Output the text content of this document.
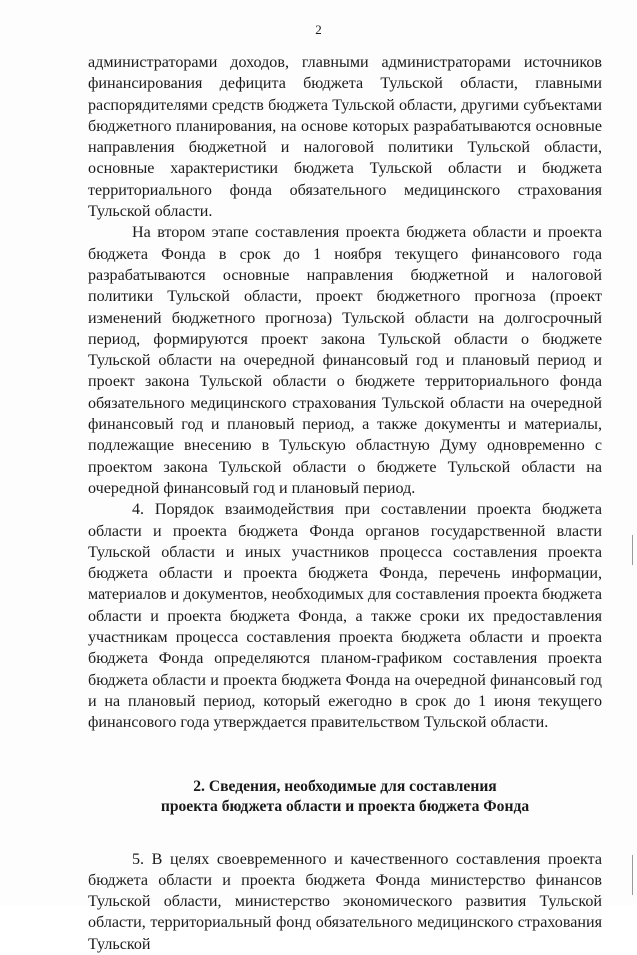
2

администраторами доходов, главными администраторами источников финансирования дефицита бюджета Тульской области, главными распорядителями средств бюджета Тульской области, другими субъектами бюджетного планирования, на основе которых разрабатываются основные направления бюджетной и налоговой политики Тульской области, основные характеристики бюджета Тульской области и бюджета территориального фонда обязательного медицинского страхования Тульской области.

На втором этапе составления проекта бюджета области и проекта бюджета Фонда в срок до 1 ноября текущего финансового года разрабатываются основные направления бюджетной и налоговой политики Тульской области, проект бюджетного прогноза (проект изменений бюджетного прогноза) Тульской области на долгосрочный период, формируются проект закона Тульской области о бюджете Тульской области на очередной финансовый год и плановый период и проект закона Тульской области о бюджете территориального фонда обязательного медицинского страхования Тульской области на очередной финансовый год и плановый период, а также документы и материалы, подлежащие внесению в Тульскую областную Думу одновременно с проектом закона Тульской области о бюджете Тульской области на очередной финансовый год и плановый период.

4. Порядок взаимодействия при составлении проекта бюджета области и проекта бюджета Фонда органов государственной власти Тульской области и иных участников процесса составления проекта бюджета области и проекта бюджета Фонда, перечень информации, материалов и документов, необходимых для составления проекта бюджета области и проекта бюджета Фонда, а также сроки их предоставления участникам процесса составления проекта бюджета области и проекта бюджета Фонда определяются планом-графиком составления проекта бюджета области и проекта бюджета Фонда на очередной финансовый год и на плановый период, который ежегодно в срок до 1 июня текущего финансового года утверждается правительством Тульской области.

2. Сведения, необходимые для составления
проекта бюджета области и проекта бюджета Фонда

5. В целях своевременного и качественного составления проекта бюджета области и проекта бюджета Фонда министерство финансов Тульской области, министерство экономического развития Тульской области, территориальный фонд обязательного медицинского страхования Тульской
